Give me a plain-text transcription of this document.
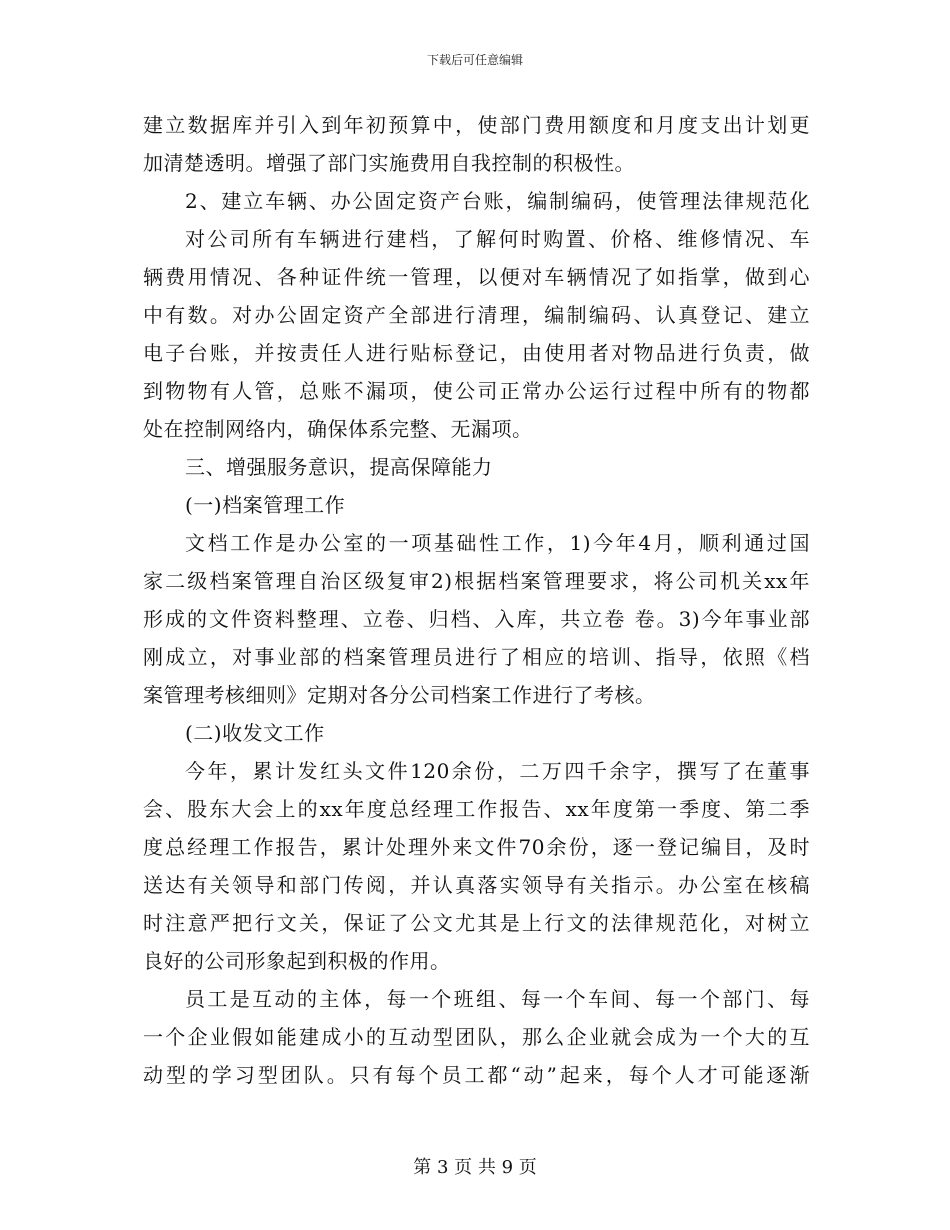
下载后可任意编辑
建立数据库并引入到年初预算中，使部门费用额度和月度支出计划更
加清楚透明。增强了部门实施费用自我控制的积极性。
2、建立车辆、办公固定资产台账，编制编码，使管理法律规范化
对公司所有车辆进行建档，了解何时购置、价格、维修情况、车
辆费用情况、各种证件统一管理，以便对车辆情况了如指掌，做到心
中有数。对办公固定资产全部进行清理，编制编码、认真登记、建立
电子台账，并按责任人进行贴标登记，由使用者对物品进行负责，做
到物物有人管，总账不漏项，使公司正常办公运行过程中所有的物都
处在控制网络内，确保体系完整、无漏项。
三、增强服务意识，提高保障能力
(一)档案管理工作
文档工作是办公室的一项基础性工作，1)今年4月，顺利通过国
家二级档案管理自治区级复审2)根据档案管理要求，将公司机关xx年
形成的文件资料整理、立卷、归档、入库，共立卷 卷。3)今年事业部
刚成立，对事业部的档案管理员进行了相应的培训、指导，依照《档
案管理考核细则》定期对各分公司档案工作进行了考核。
(二)收发文工作
今年，累计发红头文件120余份，二万四千余字，撰写了在董事
会、股东大会上的xx年度总经理工作报告、xx年度第一季度、第二季
度总经理工作报告，累计处理外来文件70余份，逐一登记编目，及时
送达有关领导和部门传阅，并认真落实领导有关指示。办公室在核稿
时注意严把行文关，保证了公文尤其是上行文的法律规范化，对树立
良好的公司形象起到积极的作用。
员工是互动的主体，每一个班组、每一个车间、每一个部门、每
一个企业假如能建成小的互动型团队，那么企业就会成为一个大的互
动型的学习型团队。只有每个员工都“动”起来，每个人才可能逐渐
第 3 页 共 9 页
